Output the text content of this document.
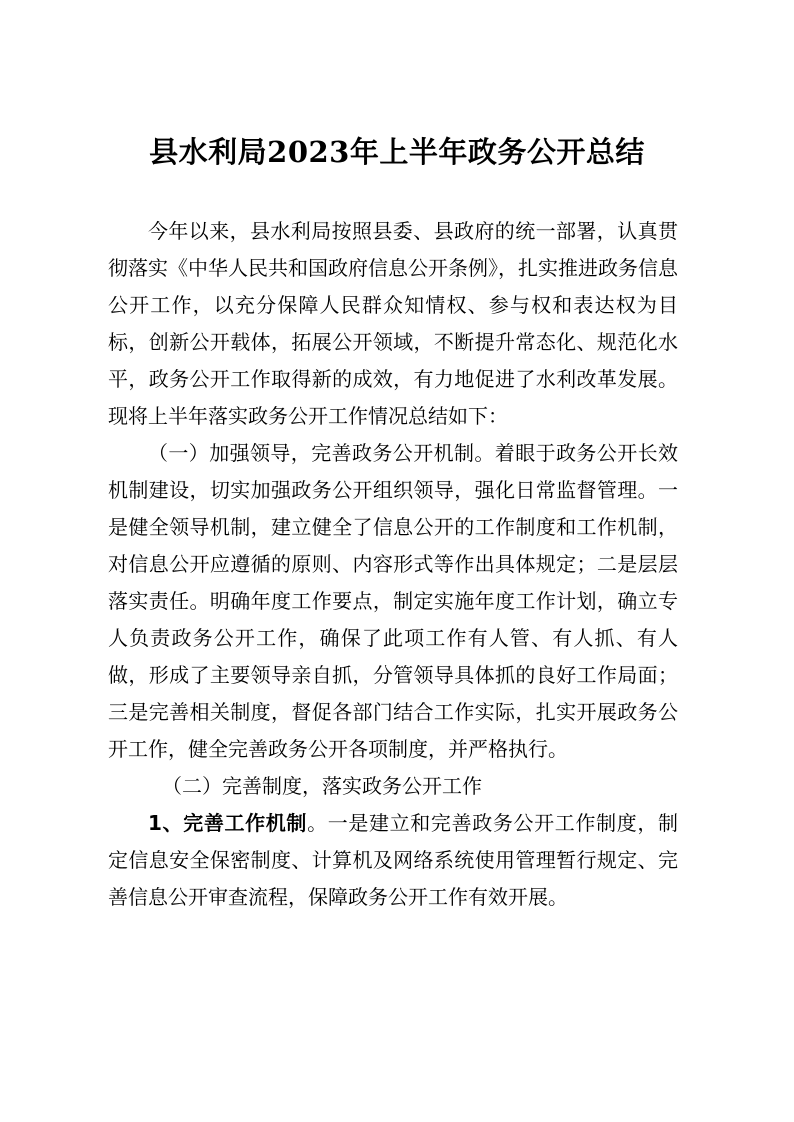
县水利局2023年上半年政务公开总结

今年以来，县水利局按照县委、县政府的统一部署，认真贯彻落实《中华人民共和国政府信息公开条例》，扎实推进政务信息公开工作，以充分保障人民群众知情权、参与权和表达权为目标，创新公开载体，拓展公开领域，不断提升常态化、规范化水平，政务公开工作取得新的成效，有力地促进了水利改革发展。现将上半年落实政务公开工作情况总结如下：

（一）加强领导，完善政务公开机制。着眼于政务公开长效机制建设，切实加强政务公开组织领导，强化日常监督管理。一是健全领导机制，建立健全了信息公开的工作制度和工作机制，对信息公开应遵循的原则、内容形式等作出具体规定；二是层层落实责任。明确年度工作要点，制定实施年度工作计划，确立专人负责政务公开工作，确保了此项工作有人管、有人抓、有人做，形成了主要领导亲自抓，分管领导具体抓的良好工作局面；三是完善相关制度，督促各部门结合工作实际，扎实开展政务公开工作，健全完善政务公开各项制度，并严格执行。

（二）完善制度，落实政务公开工作

1、完善工作机制。一是建立和完善政务公开工作制度，制定信息安全保密制度、计算机及网络系统使用管理暂行规定、完善信息公开审查流程，保障政务公开工作有效开展。
